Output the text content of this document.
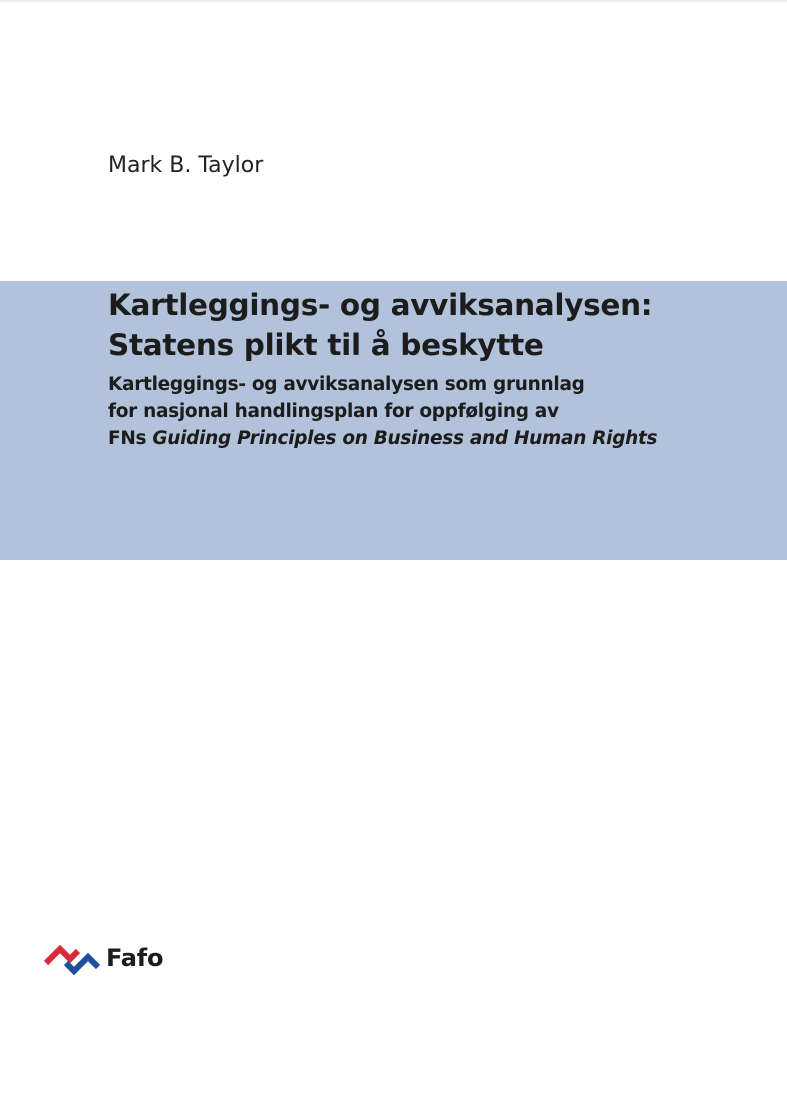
Mark B. Taylor
Kartleggings- og avviksanalysen:
Statens plikt til å beskytte

Kartleggings- og avviksanalysen som grunnlag
for nasjonal handlingsplan for oppfølging av
FNs Guiding Principles on Business and Human Rights

Fafo
